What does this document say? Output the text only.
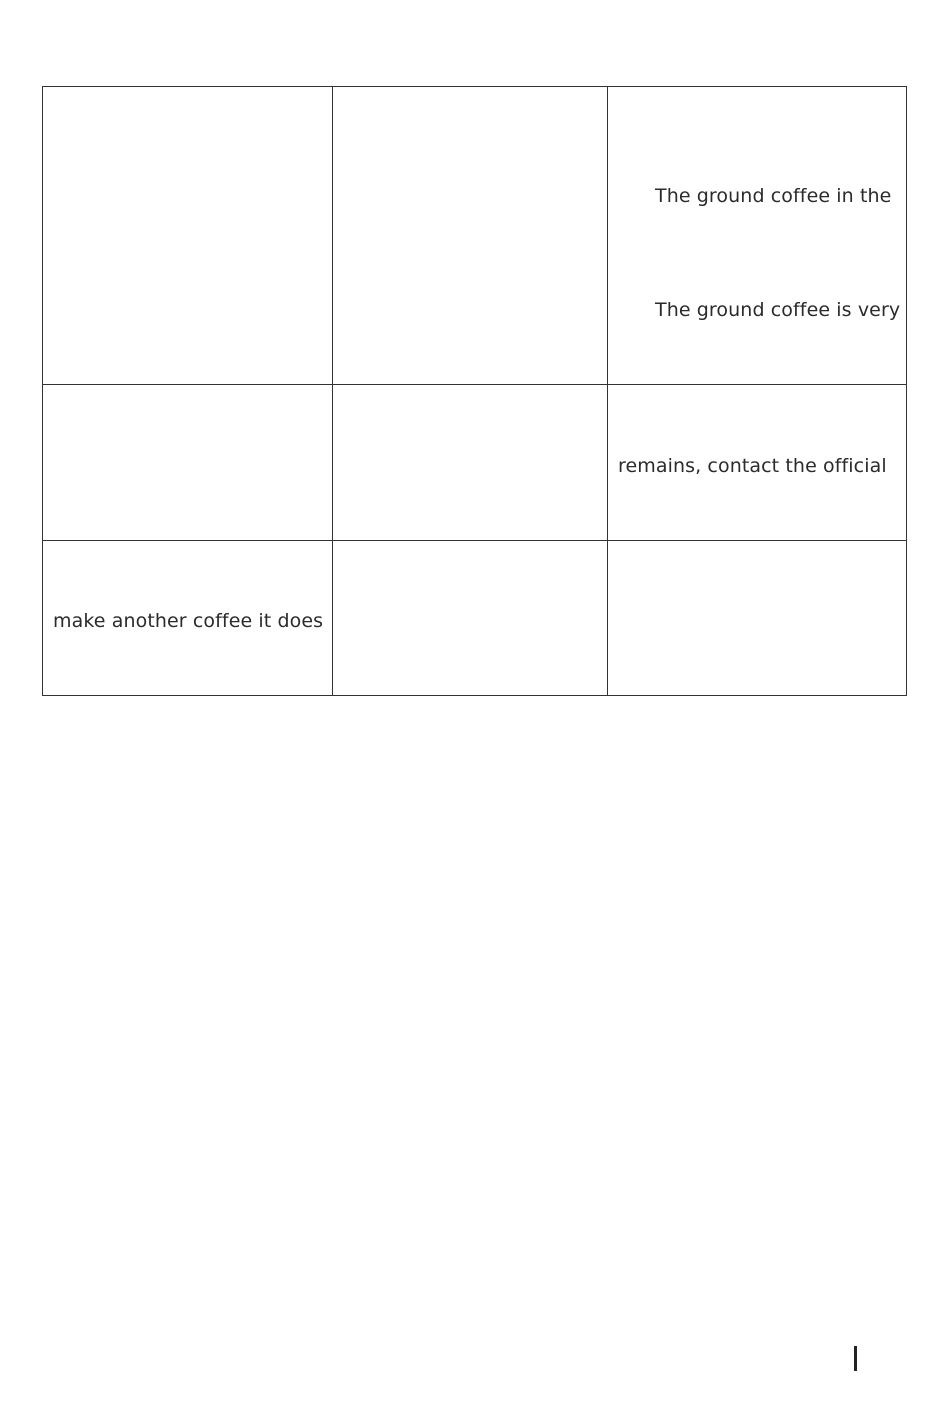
The ground coffee in the
The ground coffee is very
remains, contact the official
make another coffee it does
